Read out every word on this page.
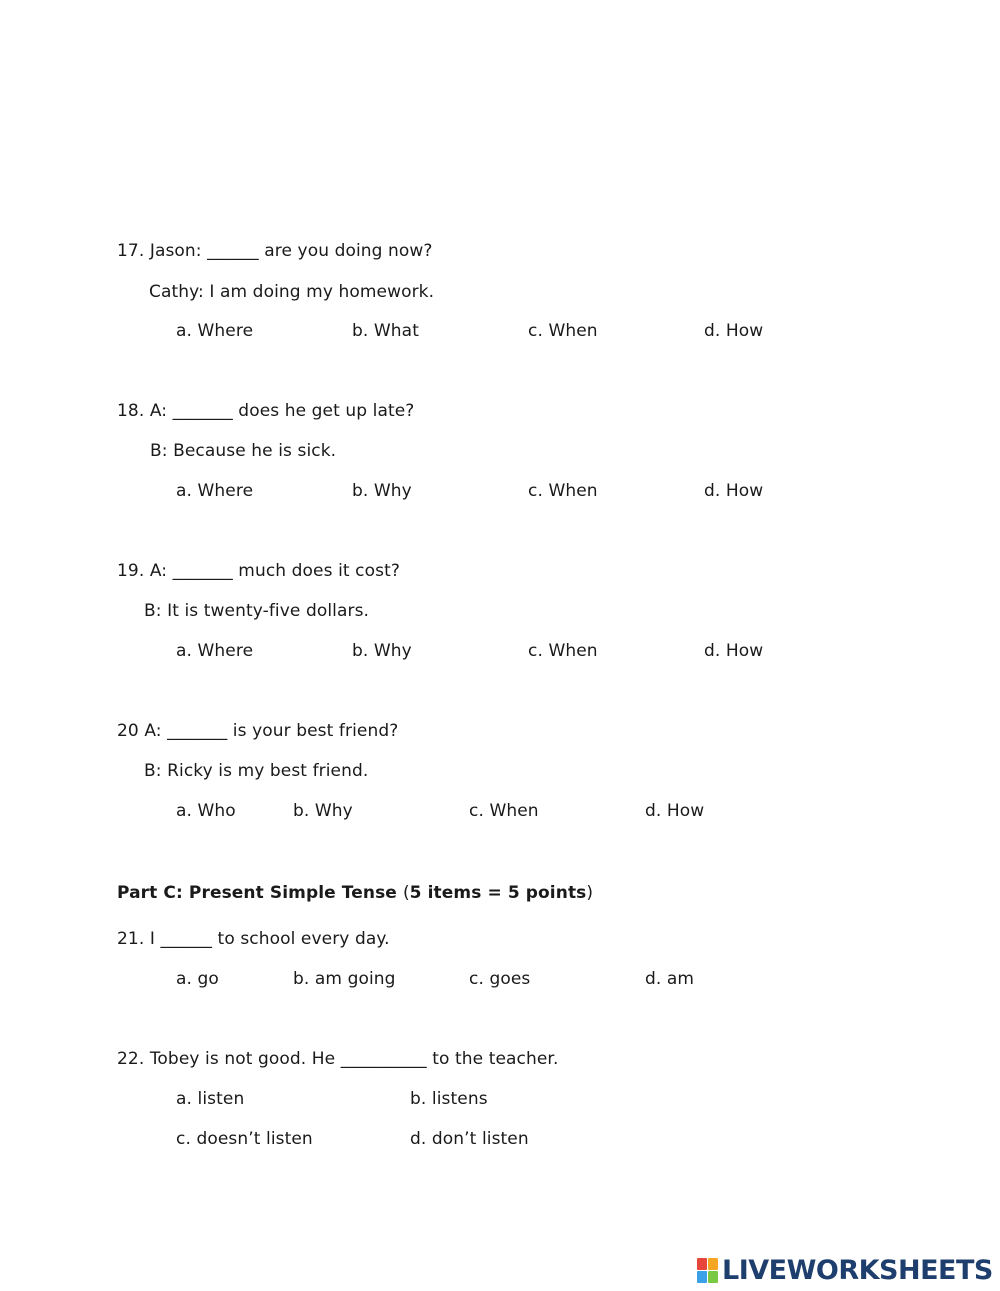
17. Jason: ______ are you doing now?
Cathy: I am doing my homework.
a. Where	b. What	c. When	d. How
18. A: _______ does he get up late?
B: Because he is sick.
a. Where	b. Why	c. When	d. How
19. A: _______ much does it cost?
B: It is twenty-five dollars.
a. Where	b. Why	c. When	d. How
20 A: _______ is your best friend?
B: Ricky is my best friend.
a. Who	b. Why	c. When	d. How
Part C: Present Simple Tense (5 items = 5 points)
21. I ______ to school every day.
a. go	b. am going	c. goes	d. am
22. Tobey is not good. He __________ to the teacher.
a. listen	b. listens
c. doesn’t listen	d. don’t listen
LIVEWORKSHEETS
